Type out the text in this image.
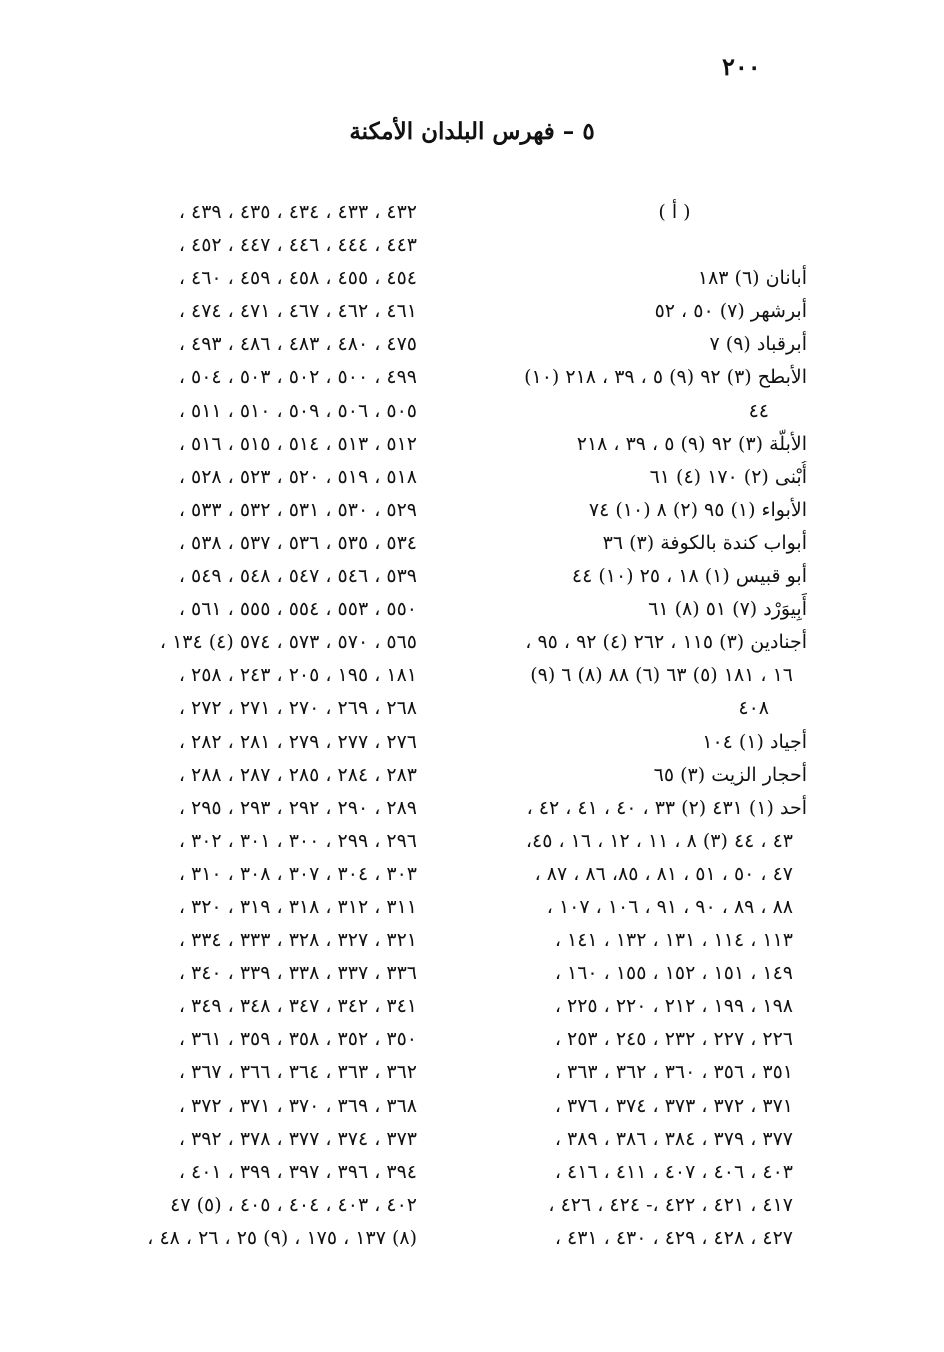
٢٠٠
٥ – فهرس البلدان الأمكنة
( أ )
أبانان (٦) ١٨٣
أبرشهر (٧) ٥٠ ، ٥٢
أبرقباد (٩) ٧
الأبطح (٣) ٩٢ (٩) ٥ ، ٣٩ ، ٢١٨ (١٠)
٤٤
الأبلّة (٣) ٩٢ (٩) ٥ ، ٣٩ ، ٢١٨
أُبْنى (٢) ١٧٠ (٤) ٦١
الأبواء (١) ٩٥ (٢) ٨ (١٠) ٧٤
أبواب كندة بالكوفة (٣) ٣٦
أبو قبيس (١) ١٨ ، ٢٥ (١٠) ٤٤
أَبِيوَرْد (٧) ٥١ (٨) ٦١
أجنادين (٣) ١١٥ ، ٢٦٢ (٤) ٩٢ ، ٩٥ ،
١٦ ، ١٨١ (٥) ٦٣ (٦) ٨٨ (٨) ٦ (٩)
٤٠٨
أجياد (١) ١٠٤
أحجار الزيت (٣) ٦٥
أحد (١) ٤٣١ (٢) ٣٣ ، ٤٠ ، ٤١ ، ٤٢ ،
٤٣ ، ٤٤ (٣) ٨ ، ١١ ، ١٢ ، ١٦ ، ٤٥،
٤٧ ، ٥٠ ، ٥١ ، ٨١ ، ٨٥، ٨٦ ، ٨٧ ،
٨٨ ، ٨٩ ، ٩٠ ، ٩١ ، ١٠٦ ، ١٠٧ ،
١١٣ ، ١١٤ ، ١٣١ ، ١٣٢ ، ١٤١ ،
١٤٩ ، ١٥١ ، ١٥٢ ، ١٥٥ ، ١٦٠ ،
١٩٨ ، ١٩٩ ، ٢١٢ ، ٢٢٠ ، ٢٢٥ ،
٢٢٦ ، ٢٢٧ ، ٢٣٢ ، ٢٤٥ ، ٢٥٣ ،
٣٥١ ، ٣٥٦ ، ٣٦٠ ، ٣٦٢ ، ٣٦٣ ،
٣٧١ ، ٣٧٢ ، ٣٧٣ ، ٣٧٤ ، ٣٧٦ ،
٣٧٧ ، ٣٧٩ ، ٣٨٤ ، ٣٨٦ ، ٣٨٩ ،
٤٠٣ ، ٤٠٦ ، ٤٠٧ ، ٤١١ ، ٤١٦ ،
٤١٧ ، ٤٢١ ، ٤٢٢ ،- ٤٢٤ ، ٤٢٦ ،
٤٢٧ ، ٤٢٨ ، ٤٢٩ ، ٤٣٠ ، ٤٣١ ،
٤٣٢ ، ٤٣٣ ، ٤٣٤ ، ٤٣٥ ، ٤٣٩ ،
٤٤٣ ، ٤٤٤ ، ٤٤٦ ، ٤٤٧ ، ٤٥٢ ،
٤٥٤ ، ٤٥٥ ، ٤٥٨ ، ٤٥٩ ، ٤٦٠ ،
٤٦١ ، ٤٦٢ ، ٤٦٧ ، ٤٧١ ، ٤٧٤ ،
٤٧٥ ، ٤٨٠ ، ٤٨٣ ، ٤٨٦ ، ٤٩٣ ،
٤٩٩ ، ٥٠٠ ، ٥٠٢ ، ٥٠٣ ، ٥٠٤ ،
٥٠٥ ، ٥٠٦ ، ٥٠٩ ، ٥١٠ ، ٥١١ ،
٥١٢ ، ٥١٣ ، ٥١٤ ، ٥١٥ ، ٥١٦ ،
٥١٨ ، ٥١٩ ، ٥٢٠ ، ٥٢٣ ، ٥٢٨ ،
٥٢٩ ، ٥٣٠ ، ٥٣١ ، ٥٣٢ ، ٥٣٣ ،
٥٣٤ ، ٥٣٥ ، ٥٣٦ ، ٥٣٧ ، ٥٣٨ ،
٥٣٩ ، ٥٤٦ ، ٥٤٧ ، ٥٤٨ ، ٥٤٩ ،
٥٥٠ ، ٥٥٣ ، ٥٥٤ ، ٥٥٥ ، ٥٦١ ،
٥٦٥ ، ٥٧٠ ، ٥٧٣ ، ٥٧٤ (٤) ١٣٤ ،
١٨١ ، ١٩٥ ، ٢٠٥ ، ٢٤٣ ، ٢٥٨ ،
٢٦٨ ، ٢٦٩ ، ٢٧٠ ، ٢٧١ ، ٢٧٢ ،
٢٧٦ ، ٢٧٧ ، ٢٧٩ ، ٢٨١ ، ٢٨٢ ،
٢٨٣ ، ٢٨٤ ، ٢٨٥ ، ٢٨٧ ، ٢٨٨ ،
٢٨٩ ، ٢٩٠ ، ٢٩٢ ، ٢٩٣ ، ٢٩٥ ،
٢٩٦ ، ٢٩٩ ، ٣٠٠ ، ٣٠١ ، ٣٠٢ ،
٣٠٣ ، ٣٠٤ ، ٣٠٧ ، ٣٠٨ ، ٣١٠ ،
٣١١ ، ٣١٢ ، ٣١٨ ، ٣١٩ ، ٣٢٠ ،
٣٢١ ، ٣٢٧ ، ٣٢٨ ، ٣٣٣ ، ٣٣٤ ،
٣٣٦ ، ٣٣٧ ، ٣٣٨ ، ٣٣٩ ، ٣٤٠ ،
٣٤١ ، ٣٤٢ ، ٣٤٧ ، ٣٤٨ ، ٣٤٩ ،
٣٥٠ ، ٣٥٢ ، ٣٥٨ ، ٣٥٩ ، ٣٦١ ،
٣٦٢ ، ٣٦٣ ، ٣٦٤ ، ٣٦٦ ، ٣٦٧ ،
٣٦٨ ، ٣٦٩ ، ٣٧٠ ، ٣٧١ ، ٣٧٢ ،
٣٧٣ ، ٣٧٤ ، ٣٧٧ ، ٣٧٨ ، ٣٩٢ ،
٣٩٤ ، ٣٩٦ ، ٣٩٧ ، ٣٩٩ ، ٤٠١ ،
٤٠٢ ، ٤٠٣ ، ٤٠٤ ، ٤٠٥ ، (٥) ٤٧
(٨) ١٣٧ ، ١٧٥ ، (٩) ٢٥ ، ٢٦ ، ٤٨ ،
